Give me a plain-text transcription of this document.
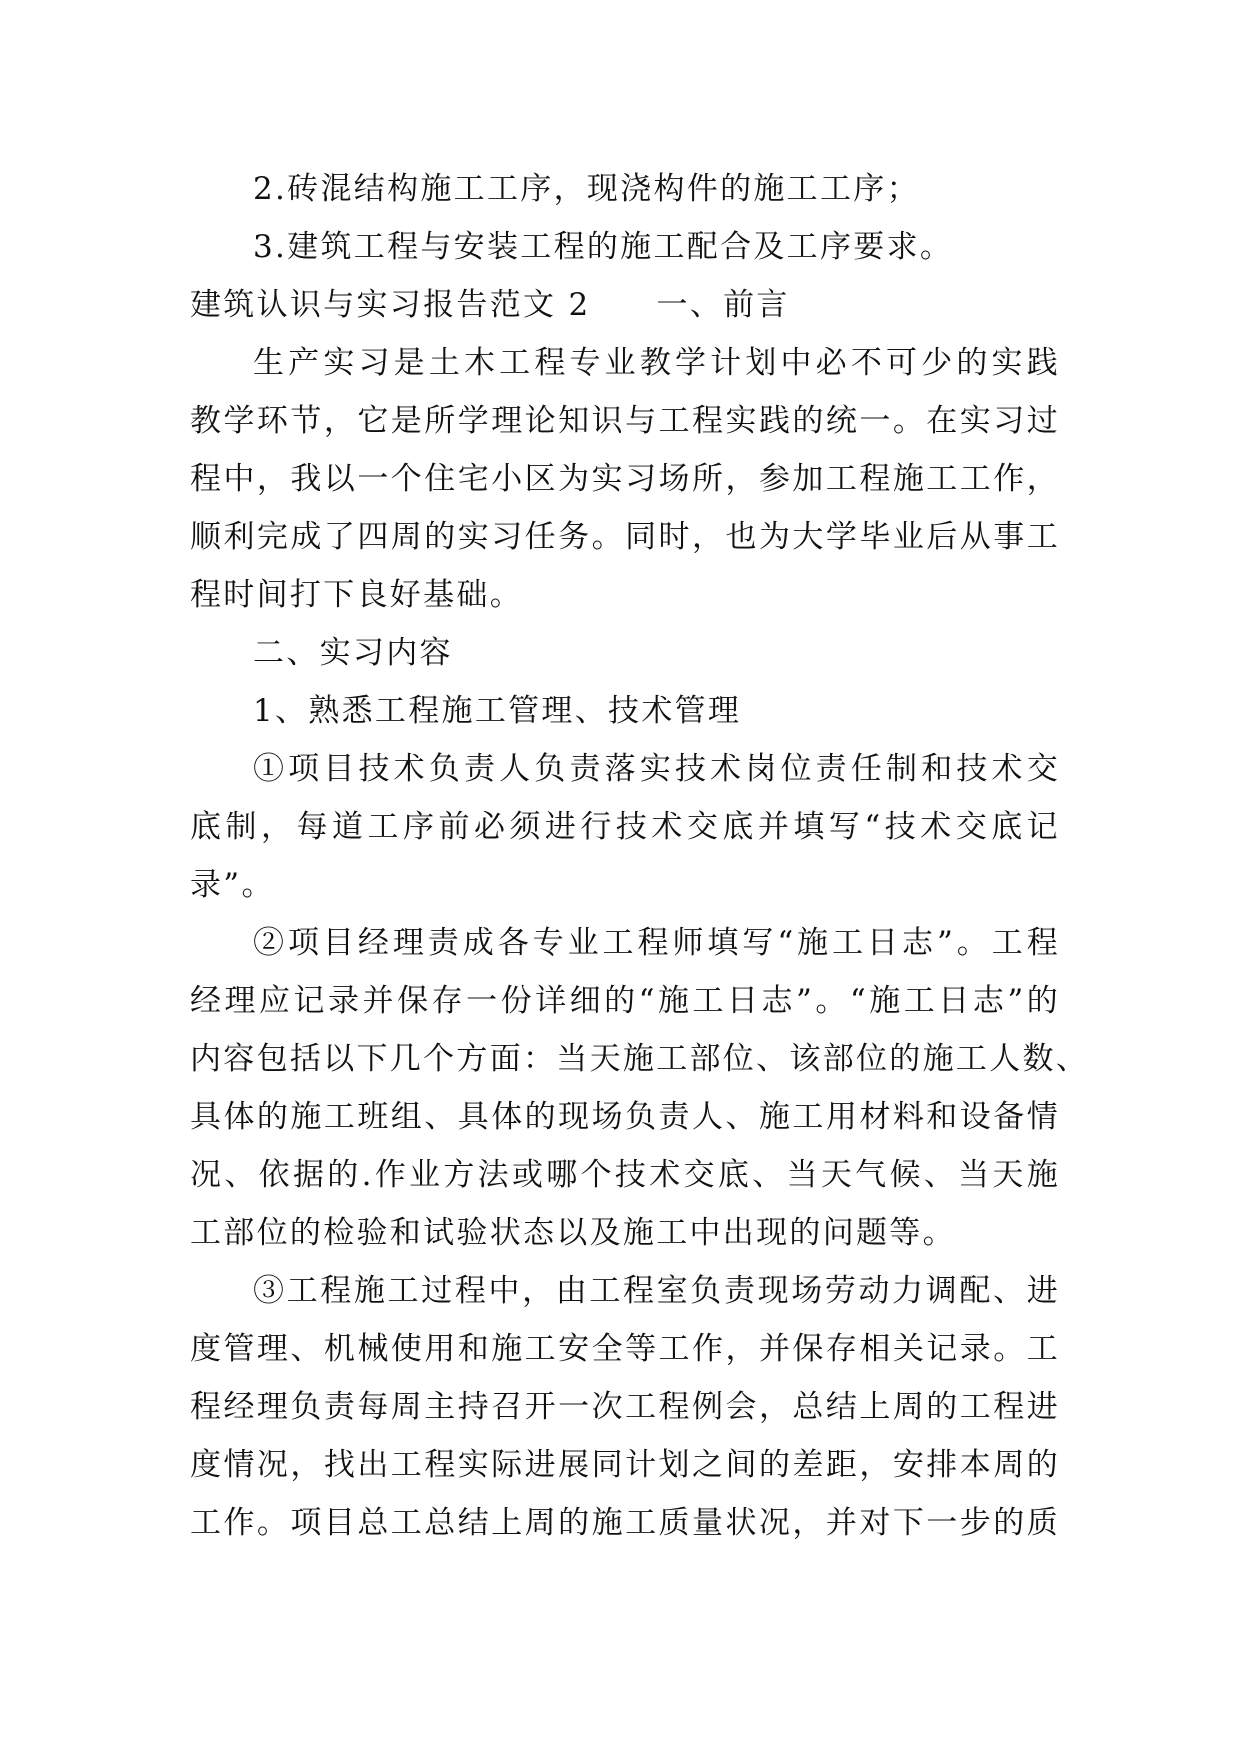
2.砖混结构施工工序，现浇构件的施工工序；
3.建筑工程与安装工程的施工配合及工序要求。
建筑认识与实习报告范文 2 一、前言
生产实习是土木工程专业教学计划中必不可少的实践
教学环节，它是所学理论知识与工程实践的统一。在实习过
程中，我以一个住宅小区为实习场所，参加工程施工工作，
顺利完成了四周的实习任务。同时，也为大学毕业后从事工
程时间打下良好基础。
二、实习内容
1、熟悉工程施工管理、技术管理
①项目技术负责人负责落实技术岗位责任制和技术交
底制，每道工序前必须进行技术交底并填写“技术交底记
录”。
②项目经理责成各专业工程师填写“施工日志”。工程
经理应记录并保存一份详细的“施工日志”。“施工日志”的
内容包括以下几个方面：当天施工部位、该部位的施工人数、
具体的施工班组、具体的现场负责人、施工用材料和设备情
况、依据的.作业方法或哪个技术交底、当天气候、当天施
工部位的检验和试验状态以及施工中出现的问题等。
③工程施工过程中，由工程室负责现场劳动力调配、进
度管理、机械使用和施工安全等工作，并保存相关记录。工
程经理负责每周主持召开一次工程例会，总结上周的工程进
度情况，找出工程实际进展同计划之间的差距，安排本周的
工作。项目总工总结上周的施工质量状况，并对下一步的质
